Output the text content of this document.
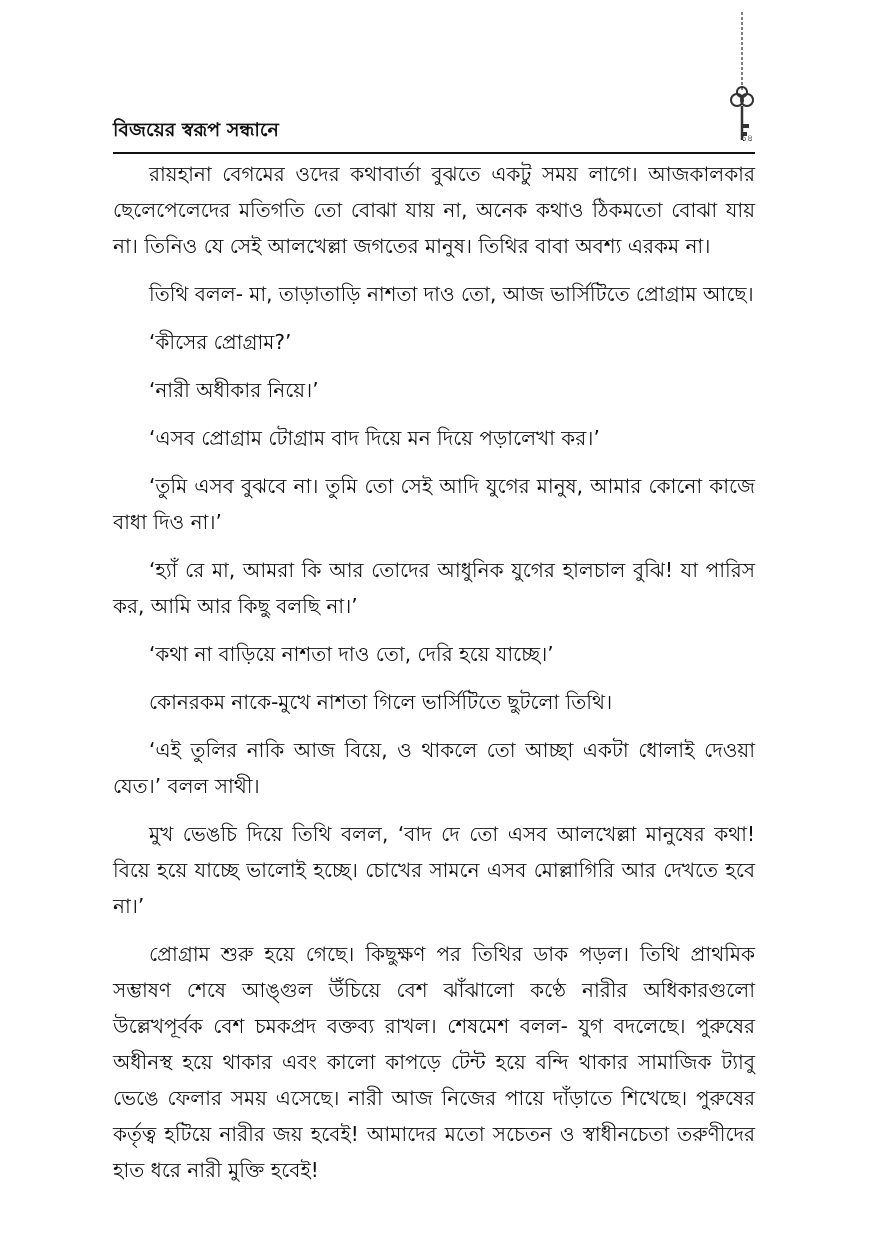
বিজয়ের স্বরূপ সন্ধানে	১৪

রায়হানা বেগমের ওদের কথাবার্তা বুঝতে একটু সময় লাগে। আজকালকার ছেলেপেলেদের মতিগতি তো বোঝা যায় না, অনেক কথাও ঠিকমতো বোঝা যায় না। তিনিও যে সেই আলখেল্লা জগতের মানুষ। তিথির বাবা অবশ্য এরকম না।

তিথি বলল- মা, তাড়াতাড়ি নাশতা দাও তো, আজ ভার্সিটিতে প্রোগ্রাম আছে।

‘কীসের প্রোগ্রাম?’

‘নারী অধীকার নিয়ে।’

‘এসব প্রোগ্রাম টোগ্রাম বাদ দিয়ে মন দিয়ে পড়ালেখা কর।’

‘তুমি এসব বুঝবে না। তুমি তো সেই আদি যুগের মানুষ, আমার কোনো কাজে বাধা দিও না।’

‘হ্যাঁ রে মা, আমরা কি আর তোদের আধুনিক যুগের হালচাল বুঝি! যা পারিস কর, আমি আর কিছু বলছি না।’

‘কথা না বাড়িয়ে নাশতা দাও তো, দেরি হয়ে যাচ্ছে।’

কোনরকম নাকে-মুখে নাশতা গিলে ভার্সিটিতে ছুটলো তিথি।

‘এই তুলির নাকি আজ বিয়ে, ও থাকলে তো আচ্ছা একটা ধোলাই দেওয়া যেত।’ বলল সাথী।

মুখ ভেঙচি দিয়ে তিথি বলল, ‘বাদ দে তো এসব আলখেল্লা মানুষের কথা! বিয়ে হয়ে যাচ্ছে ভালোই হচ্ছে। চোখের সামনে এসব মোল্লাগিরি আর দেখতে হবে না।’

প্রোগ্রাম শুরু হয়ে গেছে। কিছুক্ষণ পর তিথির ডাক পড়ল। তিথি প্রাথমিক সম্ভাষণ শেষে আঙ্গুল উঁচিয়ে বেশ ঝাঁঝালো কণ্ঠে নারীর অধিকারগুলো উল্লেখপূর্বক বেশ চমকপ্রদ বক্তব্য রাখল। শেষমেশ বলল- যুগ বদলেছে। পুরুষের অধীনস্থ হয়ে থাকার এবং কালো কাপড়ে টেন্ট হয়ে বন্দি থাকার সামাজিক ট্যাবু ভেঙে ফেলার সময় এসেছে। নারী আজ নিজের পায়ে দাঁড়াতে শিখেছে। পুরুষের কর্তৃত্ব হটিয়ে নারীর জয় হবেই! আমাদের মতো সচেতন ও স্বাধীনচেতা তরুণীদের হাত ধরে নারী মুক্তি হবেই!
